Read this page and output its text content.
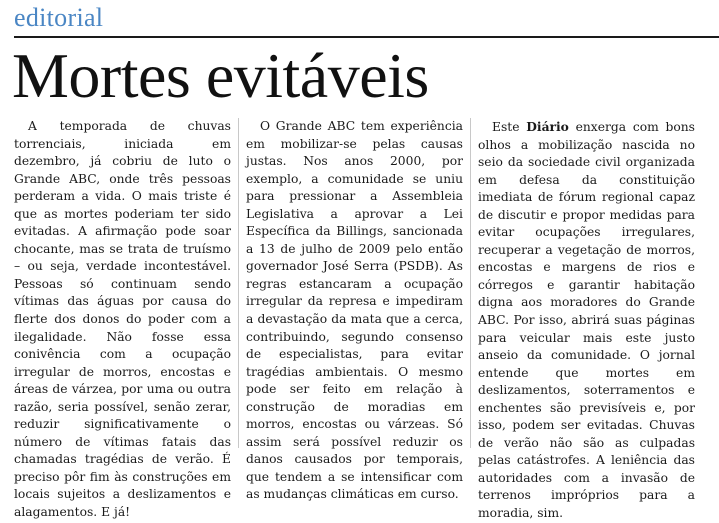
editorial
Mortes evitáveis

A temporada de chuvas torrenciais, iniciada em dezembro, já cobriu de luto o Grande ABC, onde três pessoas perderam a vida. O mais triste é que as mortes poderiam ter sido evitadas. A afirmação pode soar chocante, mas se trata de truísmo – ou seja, verdade incontestável. Pessoas só continuam sendo vítimas das águas por causa do flerte dos donos do poder com a ilegalidade. Não fosse essa conivência com a ocupação irregular de morros, encostas e áreas de várzea, por uma ou outra razão, seria possível, senão zerar, reduzir significativamente o número de vítimas fatais das chamadas tragédias de verão. É preciso pôr fim às construções em locais sujeitos a deslizamentos e alagamentos. E já!

O Grande ABC tem experiência em mobilizar-se pelas causas justas. Nos anos 2000, por exemplo, a comunidade se uniu para pressionar a Assembleia Legislativa a aprovar a Lei Específica da Billings, sancionada a 13 de julho de 2009 pelo então governador José Serra (PSDB). As regras estancaram a ocupação irregular da represa e impediram a devastação da mata que a cerca, contribuindo, segundo consenso de especialistas, para evitar tragédias ambientais. O mesmo pode ser feito em relação à construção de moradias em morros, encostas ou várzeas. Só assim será possível reduzir os danos causados por temporais, que tendem a se intensificar com as mudanças climáticas em curso.

Este Diário enxerga com bons olhos a mobilização nascida no seio da sociedade civil organizada em defesa da constituição imediata de fórum regional capaz de discutir e propor medidas para evitar ocupações irregulares, recuperar a vegetação de morros, encostas e margens de rios e córregos e garantir habitação digna aos moradores do Grande ABC. Por isso, abrirá suas páginas para veicular mais este justo anseio da comunidade. O jornal entende que mortes em deslizamentos, soterramentos e enchentes são previsíveis e, por isso, podem ser evitadas. Chuvas de verão não são as culpadas pelas catástrofes. A leniência das autoridades com a invasão de terrenos impróprios para a moradia, sim.
